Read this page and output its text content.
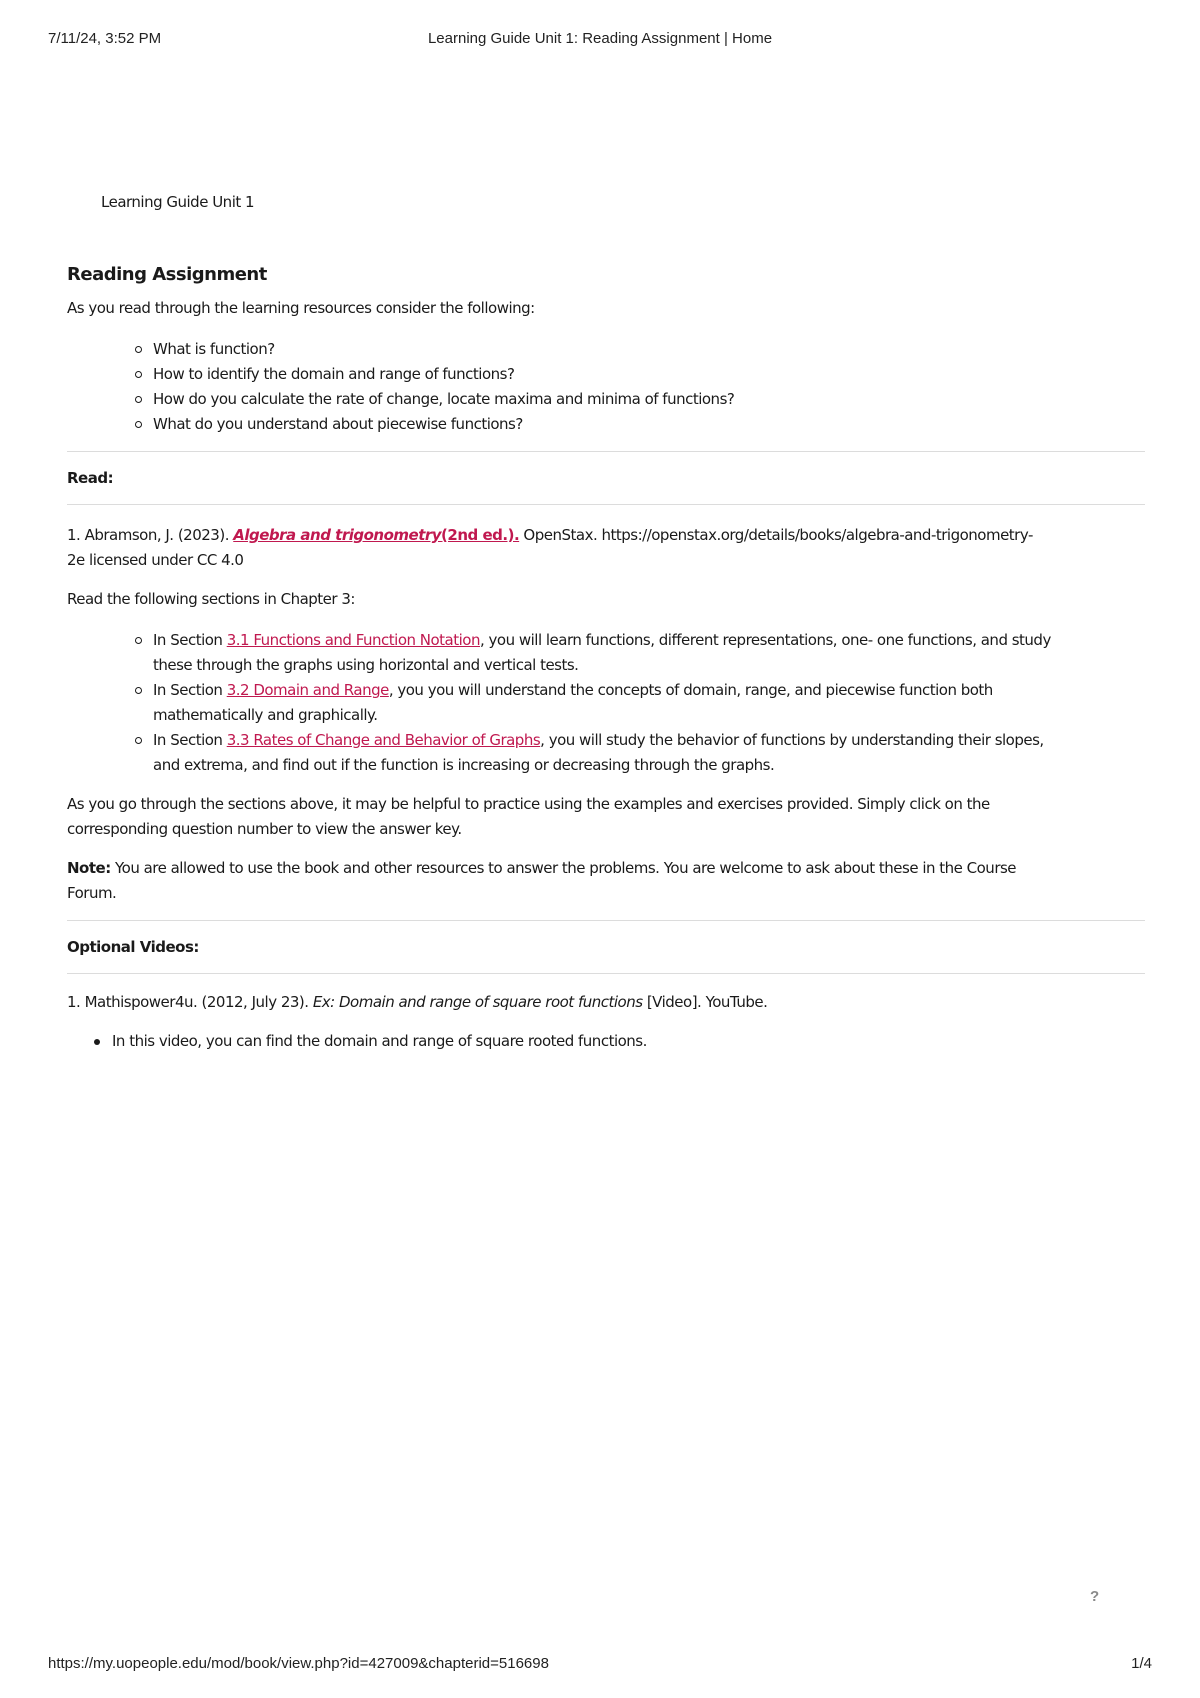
7/11/24, 3:52 PM	Learning Guide Unit 1: Reading Assignment | Home
Learning Guide Unit 1
Reading Assignment

As you read through the learning resources consider the following:

What is function?
How to identify the domain and range of functions?
How do you calculate the rate of change, locate maxima and minima of functions?
What do you understand about piecewise functions?
Read:

1. Abramson, J. (2023). Algebra and trigonometry(2nd ed.). OpenStax. https://openstax.org/details/books/algebra-and-trigonometry-
2e licensed under CC 4.0

Read the following sections in Chapter 3:

In Section 3.1 Functions and Function Notation, you will learn functions, different representations, one- one functions, and study
these through the graphs using horizontal and vertical tests.
In Section 3.2 Domain and Range, you you will understand the concepts of domain, range, and piecewise function both
mathematically and graphically.
In Section 3.3 Rates of Change and Behavior of Graphs, you will study the behavior of functions by understanding their slopes,
and extrema, and find out if the function is increasing or decreasing through the graphs.

As you go through the sections above, it may be helpful to practice using the examples and exercises provided. Simply click on the
corresponding question number to view the answer key.

Note: You are allowed to use the book and other resources to answer the problems. You are welcome to ask about these in the Course
Forum.

Optional Videos:

1. Mathispower4u. (2012, July 23). Ex: Domain and range of square root functions [Video]. YouTube.

In this video, you can find the domain and range of square rooted functions.
?
https://my.uopeople.edu/mod/book/view.php?id=427009&chapterid=516698	1/4
